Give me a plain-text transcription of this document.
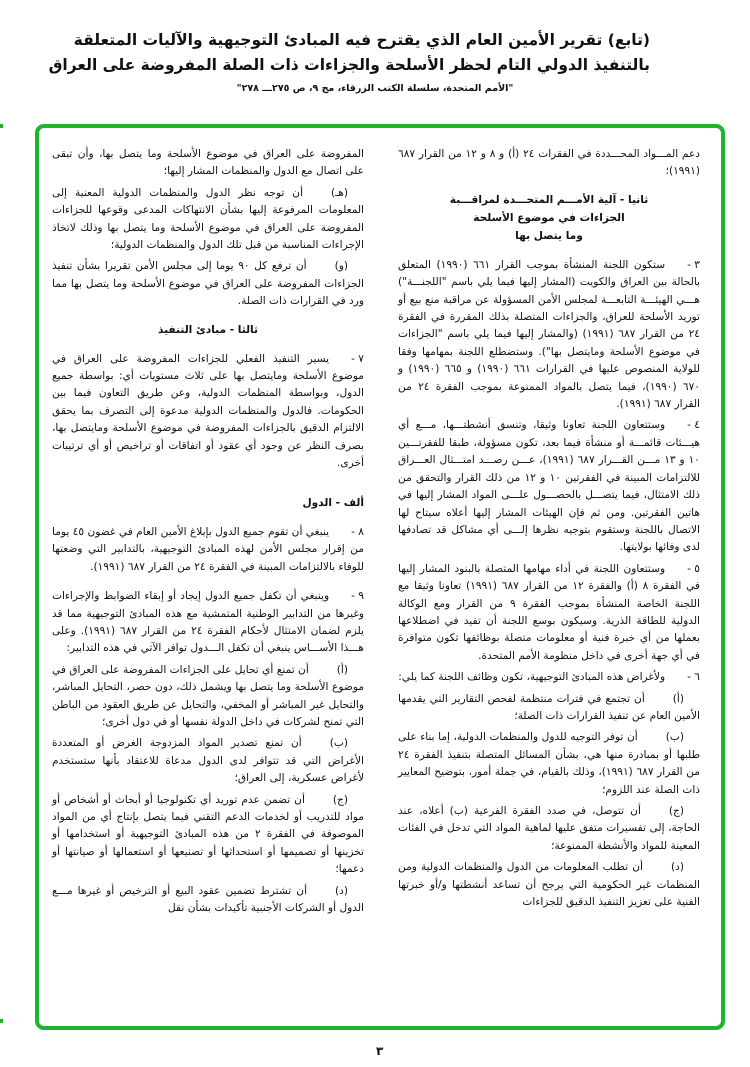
(تابع) تقرير الأمين العام الذي يقترح فيه المبادئ التوجيهية والآليات المتعلقة
بالتنفيذ الدولي التام لحظر الأسلحة والجزاءات ذات الصلة المفروضة على العراق
"الأمم المتحدة، سلسلة الكتب الزرقاء، مج ٩، ص ٢٧٥ـــ ٢٧٨"

دعم المـــواد المحـــددة في الفقرات ٢٤ (أ) و ٨ و ١٢ من القرار ٦٨٧ (١٩٩١)؛

ثانيا - آلية الأمـــم المتحـــدة لمراقـــبة
الجزاءات في موضوع الأسلحة
وما يتصل بها

٣ -ستكون اللجنة المنشأة بموجب القرار ٦٦١ (١٩٩٠) المتعلق بالحالة بين العراق والكويت (المشار إليها فيما يلي باسم "اللجنـــة") هـــي الهيئـــة التابعـــة لمجلس الأمن المسؤولة عن مراقبة منع بيع أو توريد الأسلحة للعراق، والجزاءات المتصلة بذلك المقررة في الفقرة ٢٤ من القرار ٦٨٧ (١٩٩١) (والمشار إليها فيما يلي باسم "الجزاءات في موضوع الأسلحة ومايتصل بها"). وستضطلع اللجنة بمهامها وفقا للولاية المنصوص عليها في القرارات ٦٦١ (١٩٩٠) و ٦٦٥ (١٩٩٠) و ٦٧٠ (١٩٩٠)، فيما يتصل بالمواد الممنوعة بموجب الفقرة ٢٤ من القرار ٦٨٧ (١٩٩١).

٤ -وستتعاون اللجنة تعاونا وثيقا، وتنسق أنشطتـــها، مـــع أي هيـــئات قائمـــة أو منشأة فيما بعد، تكون مسؤولة، طبقا للفقرتـــين ١٠ و ١٣ مـــن القـــرار ٦٨٧ (١٩٩١)، عـــن رصـــد امتـــثال العـــراق للالتزامات المبينة في الفقرتين ١٠ و ١٢ من ذلك القرار والتحقق من ذلك الامتثال، فيما يتصـــل بالحصـــول علـــى المواد المشار إليها في هاتين الفقرتين. ومن ثم فإن الهيئات المشار إليها أعلاه سيتاح لها الاتصال باللجنة وستقوم بتوجيه نظرها إلـــى أي مشاكل قد تصادفها لدى وفائها بولايتها.

٥ -وستتعاون اللجنة في أداء مهامها المتصلة بالبنود المشار إليها في الفقرة ٨ (أ) والفقرة ١٢ من القرار ٦٨٧ (١٩٩١) تعاونا وثيقا مع اللجنة الخاصة المنشأة بموجب الفقرة ٩ من القرار ومع الوكالة الدولية للطاقة الذرية. وسيكون بوسع اللجنة أن تفيد في اضطلاعها بعملها من أي خبرة فنية أو معلومات متصلة بوظائفها تكون متوافرة في أي جهة أخرى في داخل منظومة الأمم المتحدة.

٦ -ولأغراض هذه المبادئ التوجيهية، تكون وظائف اللجنة كما يلي:

(أ)أن تجتمع في فترات منتظمة لفحص التقارير التي يقدمها الأمين العام عن تنفيذ القرارات ذات الصلة؛

(ب)أن توفر التوجيه للدول والمنظمات الدولية، إما بناء على طلبها أو بمبادرة منها هي، بشأن المسائل المتصلة بتنفيذ الفقرة ٢٤ من القرار ٦٨٧ (١٩٩١)، وذلك بالقيام، في جملة أمور، بتوضيح المعايير ذات الصلة عند اللزوم؛

(ج)أن تتوصل، في صدد الفقرة الفرعية (ب) أعلاه، عند الحاجة، إلى تفسيرات متفق عليها لماهية المواد التي تدخل في الفئات المعينة للمواد والأنشطة الممنوعة؛

(د)أن تطلب المعلومات من الدول والمنظمات الدولية ومن المنظمات غير الحكومية التي يرجح أن تساعد أنشطتها و/أو خبرتها الفنية على تعزيز التنفيذ الدقيق للجزاءات

المفروضة على العراق في موضوع الأسلحة وما يتصل بها، وأن تبقى على اتصال مع الدول والمنظمات المشار إليها؛

(هـ)أن توجه نظر الدول والمنظمات الدولية المعنية إلى المعلومات المرفوعة إليها بشأن الانتهاكات المدعى وقوعها للجزاءات المفروضة على العراق في موضوع الأسلحة وما يتصل بها وذلك لاتخاذ الإجراءات المناسبة من قبل تلك الدول والمنظمات الدولية؛

(و)أن ترفع كل ٩٠ يوما إلى مجلس الأمن تقريرا بشأن تنفيذ الجزاءات المفروضة على العراق في موضوع الأسلحة وما يتصل بها مما ورد في القرارات ذات الصلة.

ثالثا - مبادئ التنفيذ

٧ -يسير التنفيذ الفعلي للجزاءات المفروضة على العراق في موضوع الأسلحة ومايتصل بها على ثلاث مستويات أي: بواسطة جميع الدول، وبواسطة المنظمات الدولية، وعن طريق التعاون فيما بين الحكومات. فالدول والمنظمات الدولية مدعوة إلى التصرف بما يحقق الالتزام الدقيق بالجزاءات المفروضة في موضوع الأسلحة ومايتصل بها، بصرف النظر عن وجود أي عقود أو اتفاقات أو تراخيص أو أي ترتيبات أخرى.

ألف - الدول

٨ -ينبغي أن تقوم جميع الدول بإبلاغ الأمين العام في غضون ٤٥ يوما من إقرار مجلس الأمن لهذه المبادئ التوجيهية، بالتدابير التي وضعتها للوفاء بالالتزامات المبينة في الفقرة ٢٤ من القرار ٦٨٧ (١٩٩١).

٩ -وينبغي أن تكفل جميع الدول إيجاد أو إبقاء الضوابط والإجراءات وغيرها من التدابير الوطنية المتمشية مع هذه المبادئ التوجيهية مما قد يلزم لضمان الامتثال لأحكام الفقرة ٢٤ من القرار ٦٨٧ (١٩٩١). وعلى هـــذا الأســـاس ينبغي أن تكفل الـــدول توافر الآتي في هذه التدابير:

(أ)أن تمنع أي تحايل على الجزاءات المفروضة على العراق في موضوع الأسلحة وما يتصل بها ويشمل ذلك، دون حصر، التحايل المباشر، والتحايل غير المباشر أو المخفي، والتحايل عن طريق العقود من الباطن التي تمنح لشركات في داخل الدولة نفسها أو في دول أخرى؛

(ب)أن تمنع تصدير المواد المزدوجة الغرض أو المتعددة الأغراض التي قد تتوافر لدى الدول مدعاة للاعتقاد بأنها ستستخدم لأغراض عسكرية، إلى العراق؛

(ج)أن تضمن عدم توريد أي تكنولوجيا أو أبحاث أو أشخاص أو مواد للتدريب أو لخدمات الدعم التقني فيما يتصل بإنتاج أي من المواد الموصوفة في الفقرة ٢ من هذه المبادئ التوجيهية أو استخدامها أو تخزينها أو تصميمها أو استحداثها أو تصنيعها أو استعمالها أو صيانتها أو دعمها؛

(د)أن تشترط تضمين عقود البيع أو الترخيص أو غيرها مـــع الدول أو الشركات الأجنبية تأكيدات بشأن نقل

٣
